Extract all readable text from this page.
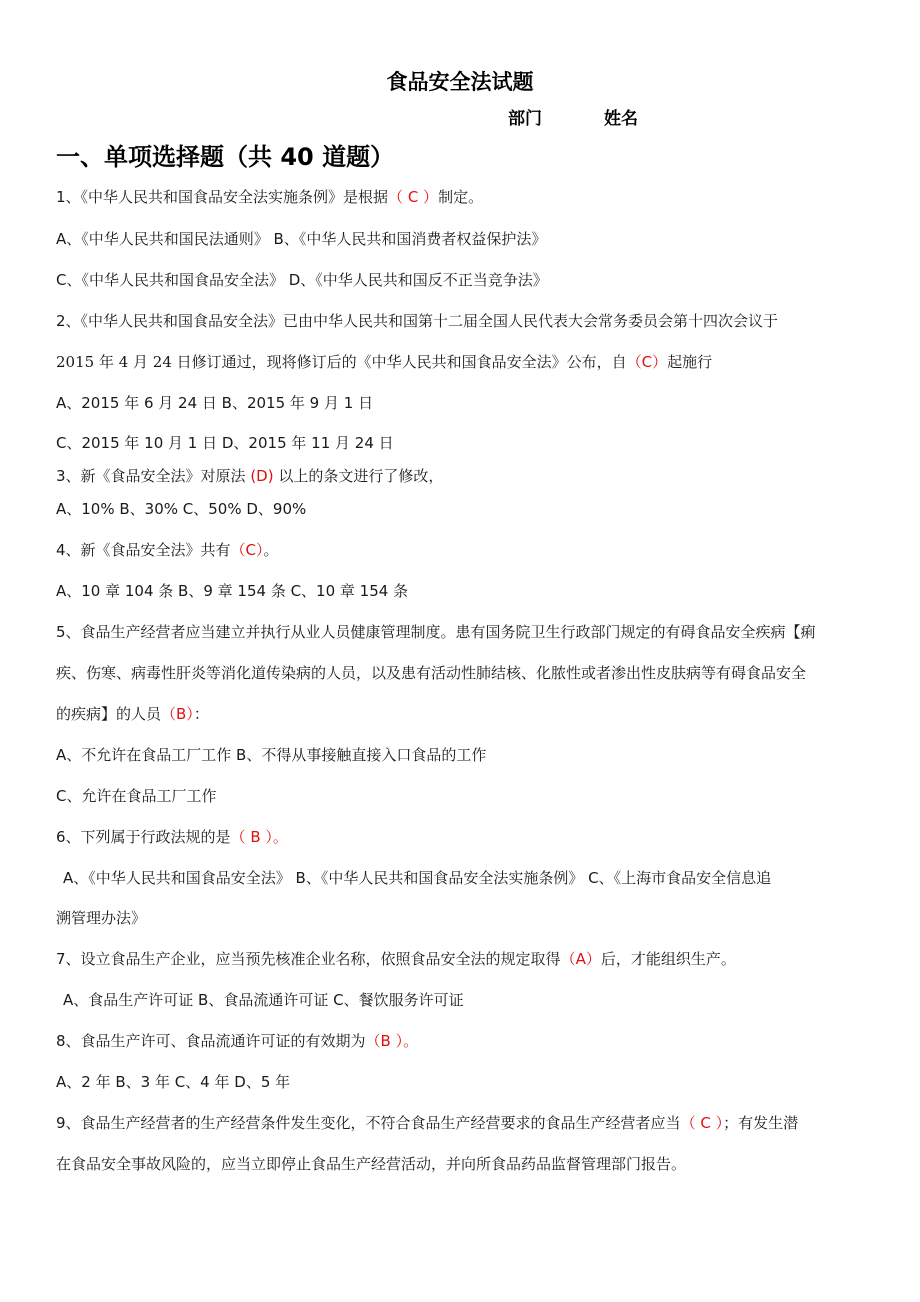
食品安全法试题
部门	姓名
一、单项选择题（共 40 道题）
1、《中华人民共和国食品安全法实施条例》是根据（ C ）制定。
A、《中华人民共和国民法通则》 B、《中华人民共和国消费者权益保护法》
C、《中华人民共和国食品安全法》 D、《中华人民共和国反不正当竞争法》
2、《中华人民共和国食品安全法》已由中华人民共和国第十二届全国人民代表大会常务委员会第十四次会议于
2015 年 4 月 24 日修订通过，现将修订后的《中华人民共和国食品安全法》公布，自（C）起施行
A、2015 年 6 月 24 日 B、2015 年 9 月 1 日
C、2015 年 10 月 1 日 D、2015 年 11 月 24 日
3、新《食品安全法》对原法 (D) 以上的条文进行了修改，
A、10% B、30% C、50% D、90%
4、新《食品安全法》共有（C）。
A、10 章 104 条 B、9 章 154 条 C、10 章 154 条
5、食品生产经营者应当建立并执行从业人员健康管理制度。患有国务院卫生行政部门规定的有碍食品安全疾病【痢
疾、伤寒、病毒性肝炎等消化道传染病的人员，以及患有活动性肺结核、化脓性或者渗出性皮肤病等有碍食品安全
的疾病】的人员（B）：
A、不允许在食品工厂工作 B、不得从事接触直接入口食品的工作
C、允许在食品工厂工作
6、下列属于行政法规的是（ B ）。
A、《中华人民共和国食品安全法》 B、《中华人民共和国食品安全法实施条例》 C、《上海市食品安全信息追
溯管理办法》
7、设立食品生产企业，应当预先核准企业名称，依照食品安全法的规定取得（A）后，才能组织生产。
A、食品生产许可证 B、食品流通许可证 C、餐饮服务许可证
8、食品生产许可、食品流通许可证的有效期为（B ）。
A、2 年 B、3 年 C、4 年 D、5 年
9、食品生产经营者的生产经营条件发生变化，不符合食品生产经营要求的食品生产经营者应当（ C ）；有发生潜
在食品安全事故风险的，应当立即停止食品生产经营活动，并向所食品药品监督管理部门报告。
